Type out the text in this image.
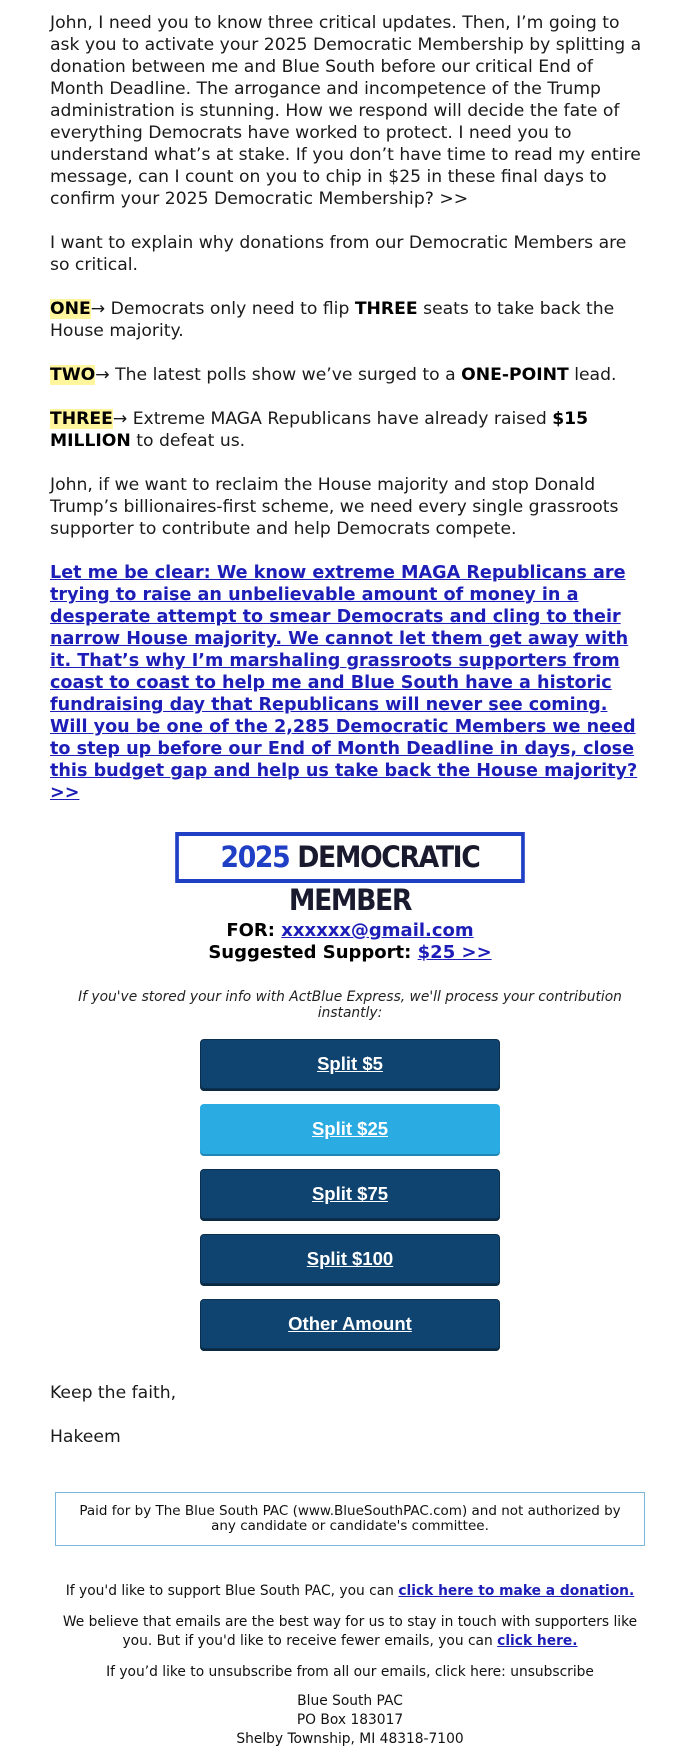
John, I need you to know three critical updates. Then, I’m going to ask you to activate your 2025 Democratic Membership by splitting a donation between me and Blue South before our critical End of Month Deadline. The arrogance and incompetence of the Trump administration is stunning. How we respond will decide the fate of everything Democrats have worked to protect. I need you to understand what’s at stake. If you don’t have time to read my entire message, can I count on you to chip in $25 in these final days to confirm your 2025 Democratic Membership? >>

I want to explain why donations from our Democratic Members are so critical.

ONE→ Democrats only need to flip THREE seats to take back the House majority.

TWO→ The latest polls show we’ve surged to a ONE-POINT lead.

THREE→ Extreme MAGA Republicans have already raised $15 MILLION to defeat us.

John, if we want to reclaim the House majority and stop Donald Trump’s billionaires-first scheme, we need every single grassroots supporter to contribute and help Democrats compete.

Let me be clear: We know extreme MAGA Republicans are trying to raise an unbelievable amount of money in a desperate attempt to smear Democrats and cling to their narrow House majority. We cannot let them get away with it. That’s why I’m marshaling grassroots supporters from coast to coast to help me and Blue South have a historic fundraising day that Republicans will never see coming. Will you be one of the 2,285 Democratic Members we need to step up before our End of Month Deadline in days, close this budget gap and help us take back the House majority? >>
2025 DEMOCRATIC MEMBER
FOR: xxxxxx@gmail.com
Suggested Support: $25 >>
If you've stored your info with ActBlue Express, we'll process your contribution instantly:
Split $5
Split $25
Split $75
Split $100
Other Amount

Keep the faith,

Hakeem

Paid for by The Blue South PAC (www.BlueSouthPAC.com) and not authorized by any candidate or candidate's committee.

If you'd like to support Blue South PAC, you can click here to make a donation.

We believe that emails are the best way for us to stay in touch with supporters like you. But if you'd like to receive fewer emails, you can click here.

If you’d like to unsubscribe from all our emails, click here: unsubscribe

Blue South PAC

PO Box 183017

Shelby Township, MI 48318-7100
